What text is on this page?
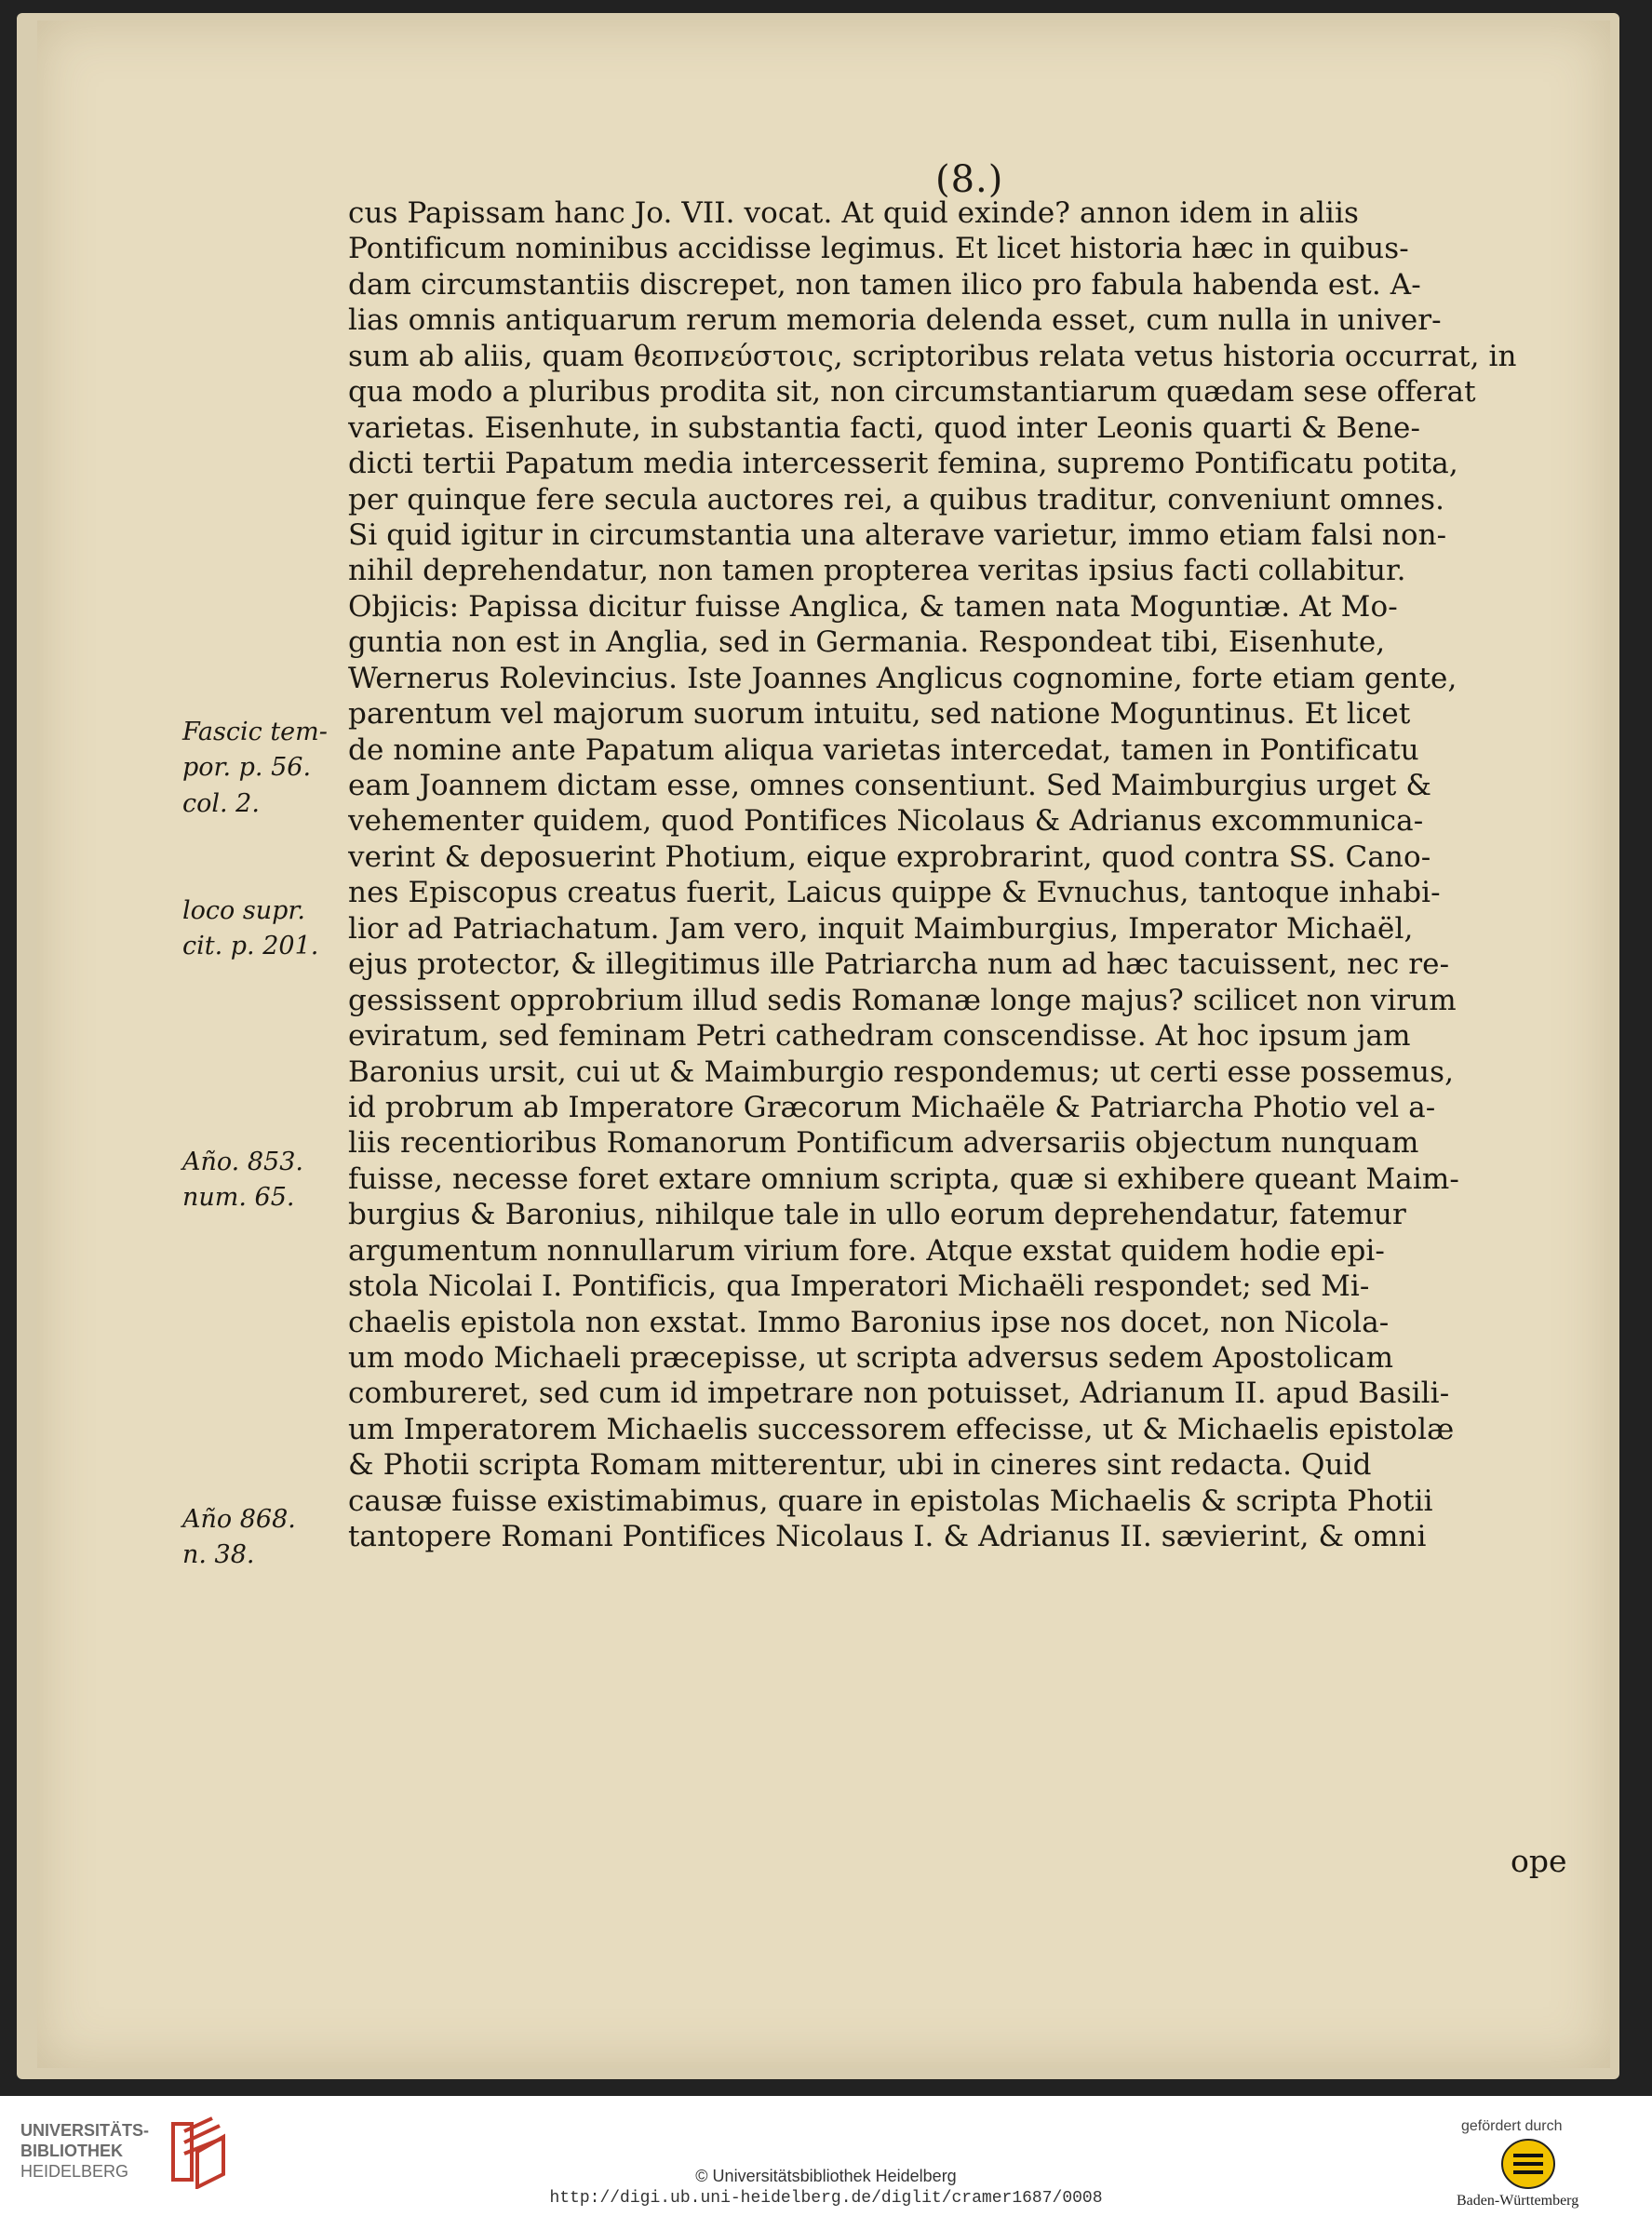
(8.)
cus Papissam hanc Jo. VII. vocat. At quid exinde? annon idem in aliis
Pontificum nominibus accidisse legimus. Et licet historia hæc in quibus-
dam circumstantiis discrepet, non tamen ilico pro fabula habenda est. A-
lias omnis antiquarum rerum memoria delenda esset, cum nulla in univer-
sum ab aliis, quam θεοπνεύστοις, scriptoribus relata vetus historia occurrat, in
qua modo a pluribus prodita sit, non circumstantiarum quædam sese offerat
varietas. Eisenhute, in substantia facti, quod inter Leonis quarti & Bene-
dicti tertii Papatum media intercesserit femina, supremo Pontificatu potita,
per quinque fere secula auctores rei, a quibus traditur, conveniunt omnes.
Si quid igitur in circumstantia una alterave varietur, immo etiam falsi non-
nihil deprehendatur, non tamen propterea veritas ipsius facti collabitur.
Objicis: Papissa dicitur fuisse Anglica, & tamen nata Moguntiæ. At Mo-
guntia non est in Anglia, sed in Germania. Respondeat tibi, Eisenhute,
Wernerus Rolevincius. Iste Joannes Anglicus cognomine, forte etiam gente,
parentum vel majorum suorum intuitu, sed natione Moguntinus. Et licet
de nomine ante Papatum aliqua varietas intercedat, tamen in Pontificatu
eam Joannem dictam esse, omnes consentiunt. Sed Maimburgius urget &
vehementer quidem, quod Pontifices Nicolaus & Adrianus excommunica-
verint & deposuerint Photium, eique exprobrarint, quod contra SS. Cano-
nes Episcopus creatus fuerit, Laicus quippe & Evnuchus, tantoque inhabi-
lior ad Patriachatum. Jam vero, inquit Maimburgius, Imperator Michaël,
ejus protector, & illegitimus ille Patriarcha num ad hæc tacuissent, nec re-
gessissent opprobrium illud sedis Romanæ longe majus? scilicet non virum
eviratum, sed feminam Petri cathedram conscendisse. At hoc ipsum jam
Baronius ursit, cui ut & Maimburgio respondemus; ut certi esse possemus,
id probrum ab Imperatore Græcorum Michaële & Patriarcha Photio vel a-
liis recentioribus Romanorum Pontificum adversariis objectum nunquam
fuisse, necesse foret extare omnium scripta, quæ si exhibere queant Maim-
burgius & Baronius, nihilque tale in ullo eorum deprehendatur, fatemur
argumentum nonnullarum virium fore. Atque exstat quidem hodie epi-
stola Nicolai I. Pontificis, qua Imperatori Michaëli respondet; sed Mi-
chaelis epistola non exstat. Immo Baronius ipse nos docet, non Nicola-
um modo Michaeli præcepisse, ut scripta adversus sedem Apostolicam
combureret, sed cum id impetrare non potuisset, Adrianum II. apud Basili-
um Imperatorem Michaelis successorem effecisse, ut & Michaelis epistolæ
& Photii scripta Romam mitterentur, ubi in cineres sint redacta. Quid
causæ fuisse existimabimus, quare in epistolas Michaelis & scripta Photii
tantopere Romani Pontifices Nicolaus I. & Adrianus II. sævierint, & omni
ope
Fascic tem-
por. p. 56.
col. 2.
loco supr.
cit. p. 201.
Año. 853.
num. 65.
Año 868.
n. 38.
UNIVERSITÄTS-
BIBLIOTHEK
HEIDELBERG	© Universitätsbibliothek Heidelberg
http://digi.ub.uni-heidelberg.de/diglit/cramer1687/0008
gefördert durch
Baden-Württemberg
